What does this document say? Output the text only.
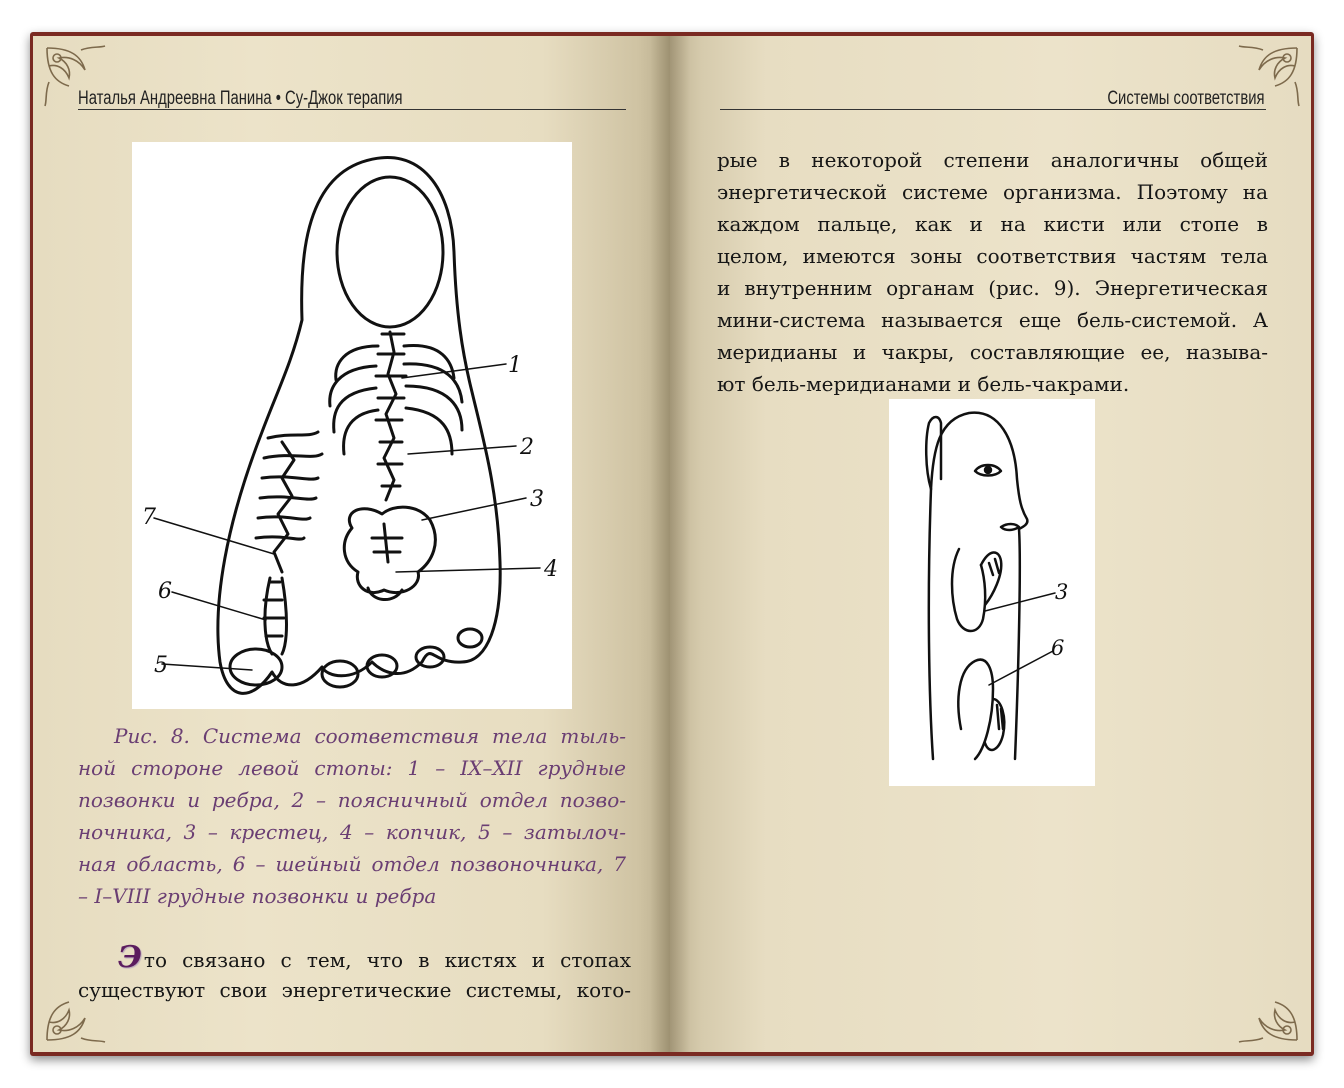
Наталья Андреевна Панина • Су-Джок терапия
1
2
3
4
5
6
7
Рис. 8. Система соответствия тела тыль-
ной стороне левой стопы: 1 – IX–XII грудные
позвонки и ребра, 2 – поясничный отдел позво-
ночника, 3 – крестец, 4 – копчик, 5 – затылоч-
ная область, 6 – шейный отдел позвоночника, 7
– I–VIII грудные позвонки и ребра
Это связано с тем, что в кистях и стопах
существуют свои энергетические системы, кото-
Системы соответствия
рые в некоторой степени аналогичны общей
энергетической системе организма. Поэтому на
каждом пальце, как и на кисти или стопе в
целом, имеются зоны соответствия частям тела
и внутренним органам (рис. 9). Энергетическая
мини-система называется еще бель-системой. А
меридианы и чакры, составляющие ее, называ-
ют бель-меридианами и бель-чакрами.
3
6
